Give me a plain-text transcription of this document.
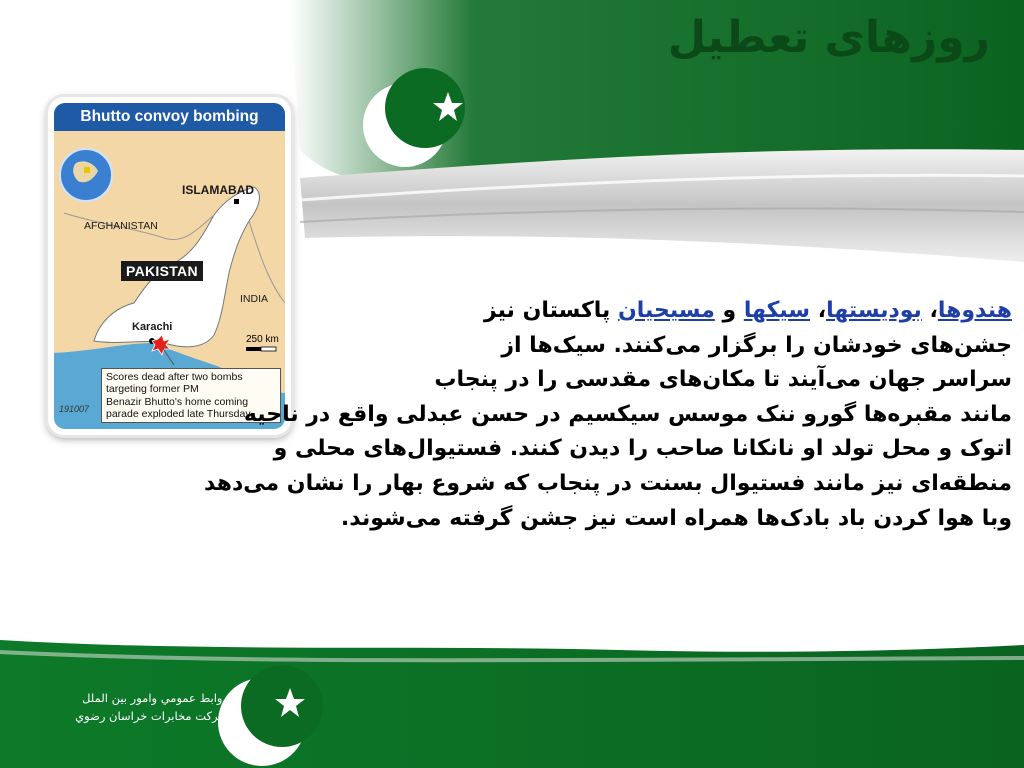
روزهای تعطیل
Bhutto convoy bombing
ISLAMABAD
AFGHANISTAN
PAKISTAN
INDIA
Karachi
250 km
Scores dead after two bombs
targeting former PM
Benazir Bhutto's home coming
parade exploded late Thursday
191007
هندوها، بودیستها، سیکها و مسیحیان پاکستان نیز
جشن‌های خودشان را برگزار می‌کنند. سیک‌ها از
سراسر جهان می‌آیند تا مکان‌های مقدسی را در پنجاب
مانند مقبره‌ها گورو ننک موسس سیکسیم در حسن عبدلی واقع در ناحیه
اتوک و محل تولد او نانکانا صاحب را دیدن کنند. فستیوال‌های محلی و
منطقه‌ای نیز مانند فستیوال بسنت در پنجاب که شروع بهار را نشان می‌دهد
وبا هوا کردن باد بادک‌ها همراه است نیز جشن گرفته می‌شوند.
روابط عمومي وامور بين الملل
شركت مخابرات خراسان رضوي
